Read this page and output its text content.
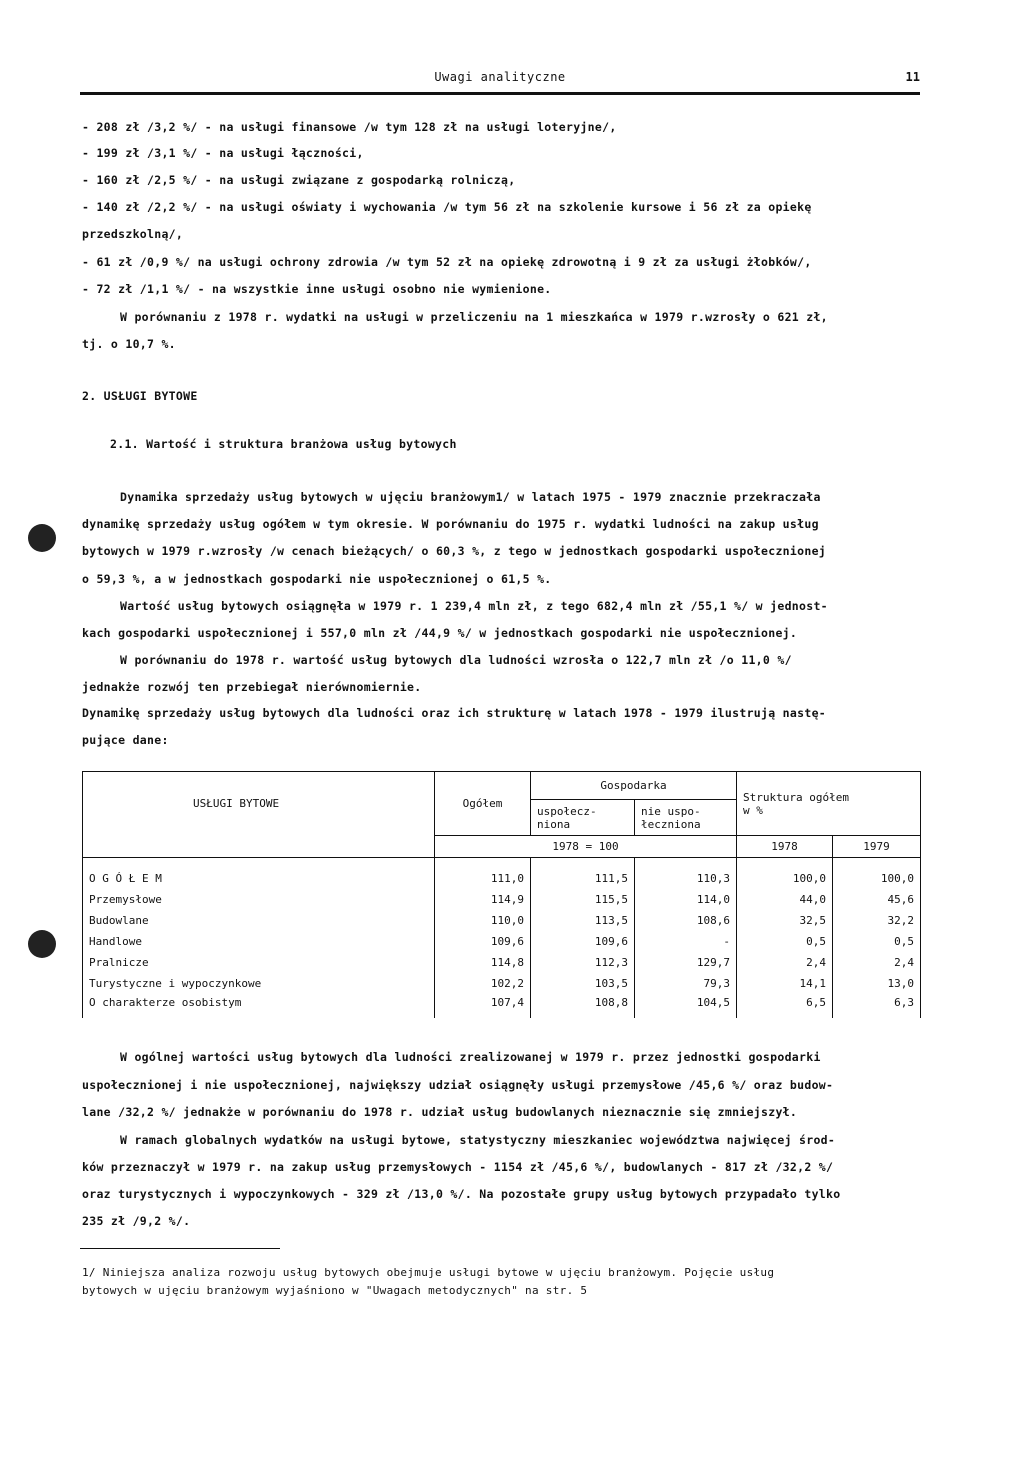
Uwagi analityczne	11
- 208 zł /3,2 %/ - na usługi finansowe /w tym 128 zł na usługi loteryjne/,
- 199 zł /3,1 %/ - na usługi łączności,
- 160 zł /2,5 %/ - na usługi związane z gospodarką rolniczą,
- 140 zł /2,2 %/ - na usługi oświaty i wychowania /w tym 56 zł na szkolenie kursowe i 56 zł za opiekę
przedszkolną/,
- 61 zł /0,9 %/ na usługi ochrony zdrowia /w tym 52 zł na opiekę zdrowotną i 9 zł za usługi żłobków/,
- 72 zł /1,1 %/ - na wszystkie inne usługi osobno nie wymienione.
W porównaniu z 1978 r. wydatki na usługi w przeliczeniu na 1 mieszkańca w 1979 r.wzrosły o 621 zł,
tj. o 10,7 %.
2. USŁUGI BYTOWE
2.1. Wartość i struktura branżowa usług bytowych
Dynamika sprzedaży usług bytowych w ujęciu branżowym1/ w latach 1975 - 1979 znacznie przekraczała
dynamikę sprzedaży usług ogółem w tym okresie. W porównaniu do 1975 r. wydatki ludności na zakup usług
bytowych w 1979 r.wzrosły /w cenach bieżących/ o 60,3 %, z tego w jednostkach gospodarki uspołecznionej
o 59,3 %, a w jednostkach gospodarki nie uspołecznionej o 61,5 %.
Wartość usług bytowych osiągnęła w 1979 r. 1 239,4 mln zł, z tego 682,4 mln zł /55,1 %/ w jednost-
kach gospodarki uspołecznionej i 557,0 mln zł /44,9 %/ w jednostkach gospodarki nie uspołecznionej.
W porównaniu do 1978 r. wartość usług bytowych dla ludności wzrosła o 122,7 mln zł /o 11,0 %/
jednakże rozwój ten przebiegał nierównomiernie.
Dynamikę sprzedaży usług bytowych dla ludności oraz ich strukturę w latach 1978 - 1979 ilustrują nastę-
pujące dane:
USŁUGI BYTOWE	Ogółem	Gospodarka		Struktura ogółem
w %	
		uspołecz-
niona	nie uspo-
łeczniona		
	1978 = 100			1978	1979

O G Ó Ł E M	111,0	111,5	110,3	100,0	100,0
Przemysłowe	114,9	115,5	114,0	44,0	45,6
Budowlane	110,0	113,5	108,6	32,5	32,2
Handlowe	109,6	109,6	-	0,5	0,5
Pralnicze	114,8	112,3	129,7	2,4	2,4
Turystyczne i wypoczynkowe	102,2	103,5	79,3	14,1	13,0
O charakterze osobistym	107,4	108,8	104,5	6,5	6,3
W ogólnej wartości usług bytowych dla ludności zrealizowanej w 1979 r. przez jednostki gospodarki
uspołecznionej i nie uspołecznionej, największy udział osiągnęły usługi przemysłowe /45,6 %/ oraz budow-
lane /32,2 %/ jednakże w porównaniu do 1978 r. udział usług budowlanych nieznacznie się zmniejszył.
W ramach globalnych wydatków na usługi bytowe, statystyczny mieszkaniec województwa najwięcej środ-
ków przeznaczył w 1979 r. na zakup usług przemysłowych - 1154 zł /45,6 %/, budowlanych - 817 zł /32,2 %/
oraz turystycznych i wypoczynkowych - 329 zł /13,0 %/. Na pozostałe grupy usług bytowych przypadało tylko
235 zł /9,2 %/.
1/ Niniejsza analiza rozwoju usług bytowych obejmuje usługi bytowe w ujęciu branżowym. Pojęcie usług
bytowych w ujęciu branżowym wyjaśniono w "Uwagach metodycznych" na str. 5
